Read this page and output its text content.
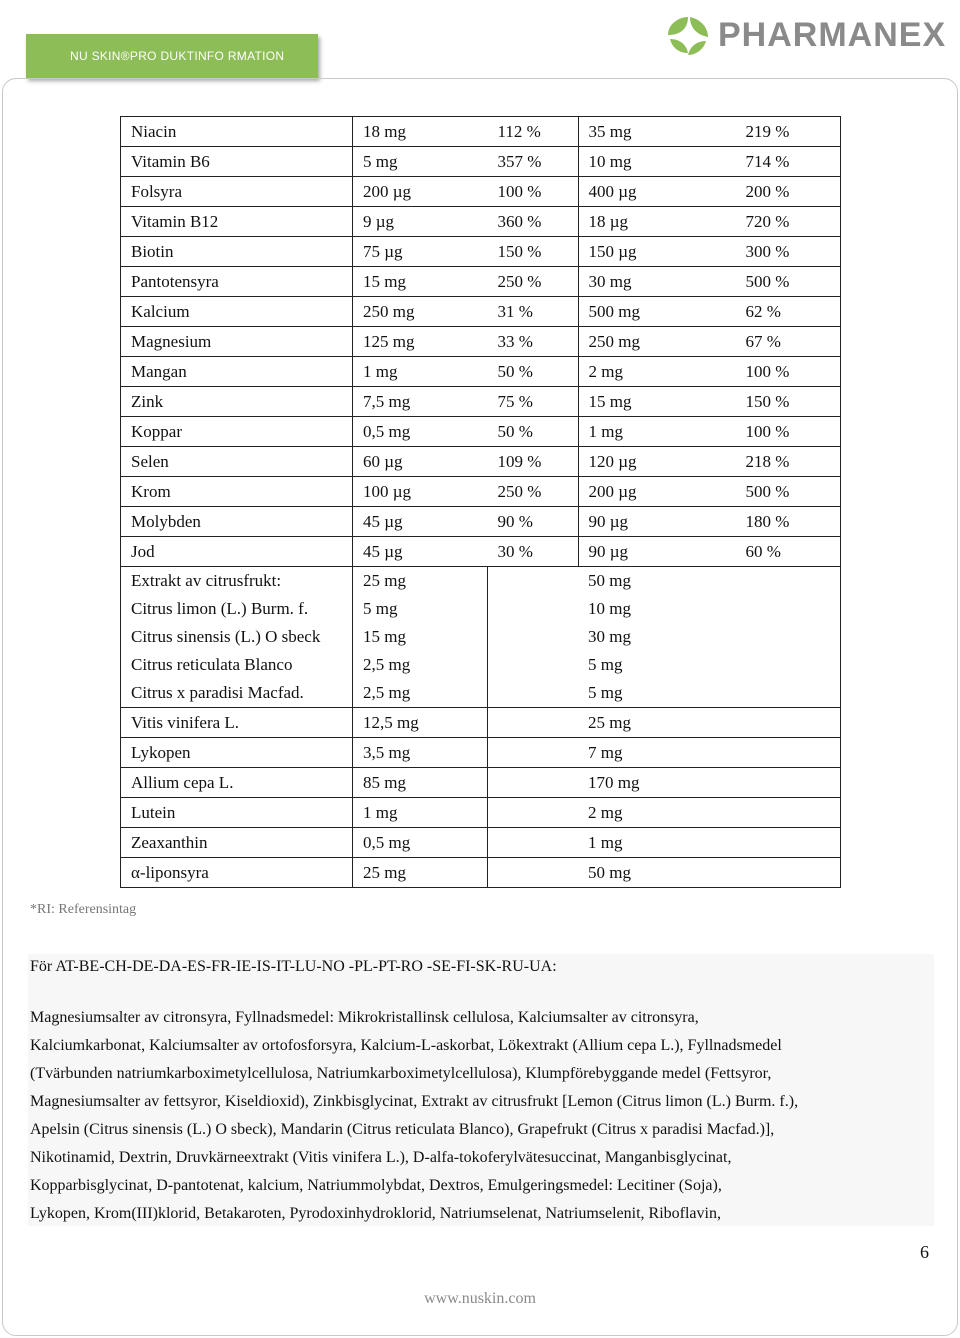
NU SKIN®PRO DUKTINFO RMATION
PHARMANEX
Niacin	18 mg	112 %	35 mg	219 %
Vitamin B6	5 mg	357 %	10 mg	714 %
Folsyra	200 µg	100 %	400 µg	200 %
Vitamin B12	9 µg	360 %	18 µg	720 %
Biotin	75 µg	150 %	150 µg	300 %
Pantotensyra	15 mg	250 %	30 mg	500 %
Kalcium	250 mg	31 %	500 mg	62 %
Magnesium	125 mg	33 %	250 mg	67 %
Mangan	1 mg	50 %	2 mg	100 %
Zink	7,5 mg	75 %	15 mg	150 %
Koppar	0,5 mg	50 %	1 mg	100 %
Selen	60 µg	109 %	120 µg	218 %
Krom	100 µg	250 %	200 µg	500 %
Molybden	45 µg	90 %	90 µg	180 %
Jod	45 µg	30 %	90 µg	60 %
Extrakt av citrusfrukt:	25 mg		50 mg	
Citrus limon (L.) Burm. f.	5 mg		10 mg	
Citrus sinensis (L.) O sbeck	15 mg		30 mg	
Citrus reticulata Blanco	2,5 mg		5 mg	
Citrus x paradisi Macfad.	2,5 mg		5 mg	
Vitis vinifera L.	12,5 mg		25 mg	
Lykopen	3,5 mg		7 mg	
Allium cepa L.	85 mg		170 mg	
Lutein	1 mg		2 mg	
Zeaxanthin	0,5 mg		1 mg	
α-liponsyra	25 mg		50 mg	
*RI: Referensintag
För AT-BE-CH-DE-DA-ES-FR-IE-IS-IT-LU-NO -PL-PT-RO -SE-FI-SK-RU-UA:
Magnesiumsalter av citronsyra, Fyllnadsmedel: Mikrokristallinsk cellulosa, Kalciumsalter av citronsyra,
Kalciumkarbonat, Kalciumsalter av ortofosforsyra, Kalcium-L-askorbat, Lökextrakt (Allium cepa L.), Fyllnadsmedel
(Tvärbunden natriumkarboximetylcellulosa, Natriumkarboximetylcellulosa), Klumpförebyggande medel (Fettsyror,
Magnesiumsalter av fettsyror, Kiseldioxid), Zinkbisglycinat, Extrakt av citrusfrukt [Lemon (Citrus limon (L.) Burm. f.),
Apelsin (Citrus sinensis (L.) O sbeck), Mandarin (Citrus reticulata Blanco), Grapefrukt (Citrus x paradisi Macfad.)],
Nikotinamid, Dextrin, Druvkärneextrakt (Vitis vinifera L.), D-alfa-tokoferylvätesuccinat, Manganbisglycinat,
Kopparbisglycinat, D-pantotenat, kalcium, Natriummolybdat, Dextros, Emulgeringsmedel: Lecitiner (Soja),
Lykopen, Krom(III)klorid, Betakaroten, Pyrodoxinhydroklorid, Natriumselenat, Natriumselenit, Riboflavin,
6
www.nuskin.com
